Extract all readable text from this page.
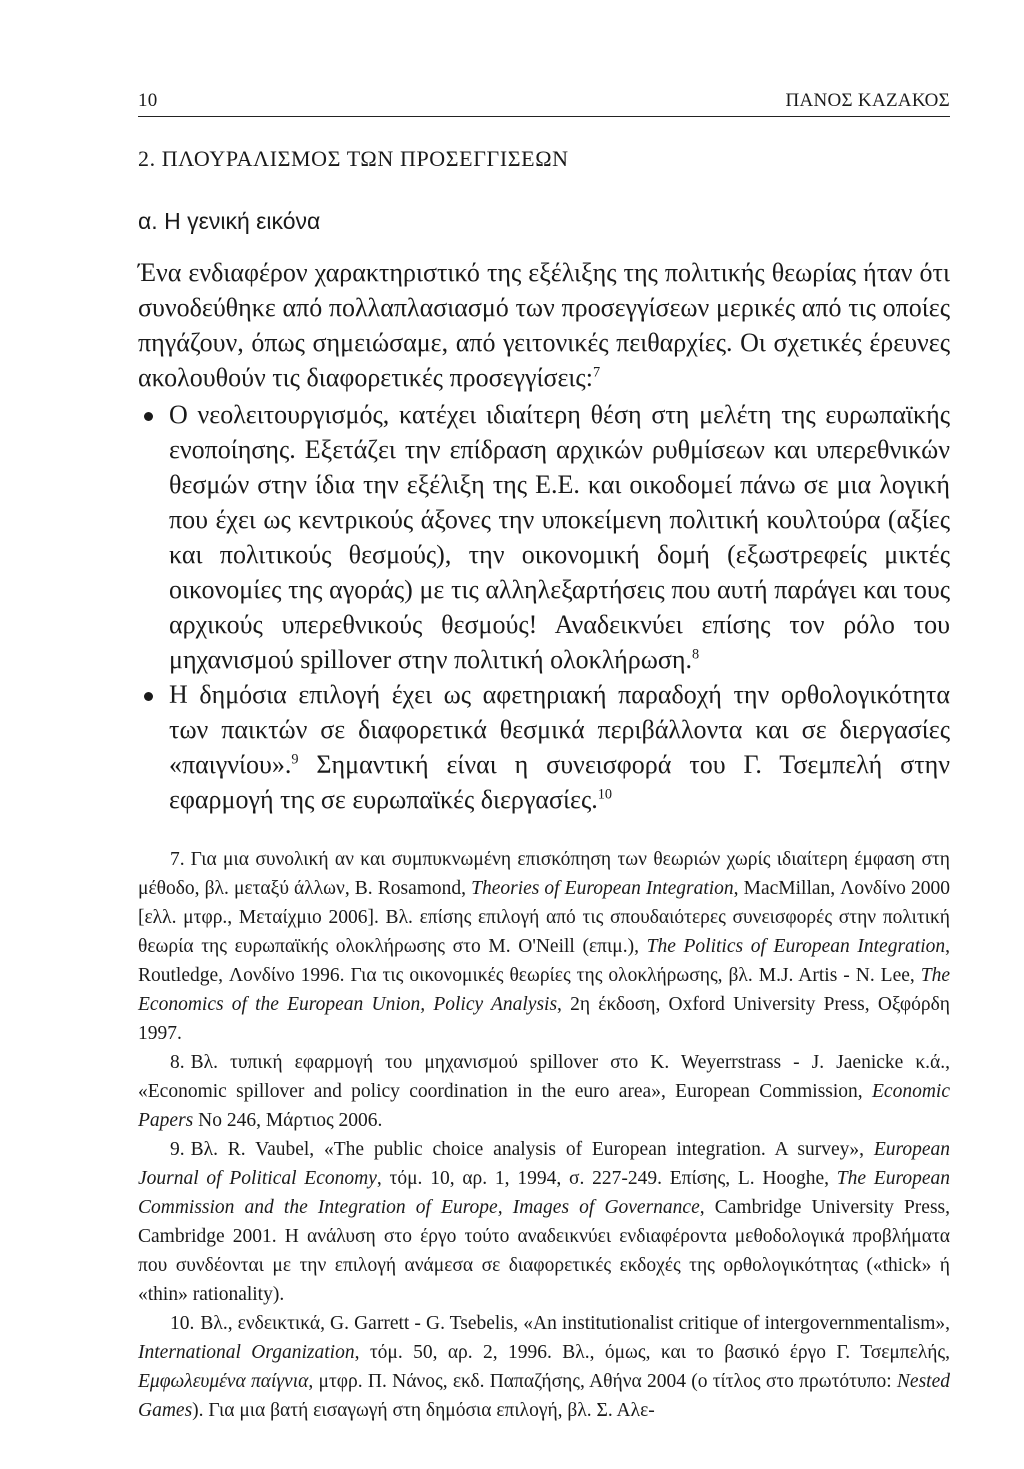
10	ΠΑΝΟΣ ΚΑΖΑΚΟΣ
2. ΠΛΟΥΡΑΛΙΣΜΟΣ ΤΩΝ ΠΡΟΣΕΓΓΙΣΕΩΝ
α. Η γενική εικόνα

Ένα ενδιαφέρον χαρακτηριστικό της εξέλιξης της πολιτικής θεωρίας ήταν ότι συνοδεύθηκε από πολλαπλασιασμό των προσεγγίσεων μερικές από τις οποίες πηγάζουν, όπως σημειώσαμε, από γειτονικές πειθαρχίες. Οι σχετικές έρευνες ακολουθούν τις διαφορετικές προσεγγίσεις:$^7$

Ο νεολειτουργισμός, κατέχει ιδιαίτερη θέση στη μελέτη της ευρωπαϊκής ενοποίησης. Εξετάζει την επίδραση αρχικών ρυθμίσεων και υπερεθνικών θεσμών στην ίδια την εξέλιξη της Ε.Ε. και οικοδομεί πάνω σε μια λογική που έχει ως κεντρικούς άξονες την υποκείμενη πολιτική κουλτούρα (αξίες και πολιτικούς θεσμούς), την οικονομική δομή (εξωστρεφείς μικτές οικονομίες της αγοράς) με τις αλληλεξαρτήσεις που αυτή παράγει και τους αρχικούς υπερεθνικούς θεσμούς! Αναδεικνύει επίσης τον ρόλο του μηχανισμού spillover στην πολιτική ολοκλήρωση.$^8$
Η δημόσια επιλογή έχει ως αφετηριακή παραδοχή την ορθολογικότητα των παικτών σε διαφορετικά θεσμικά περιβάλλοντα και σε διεργασίες «παιγνίου».$^9$ Σημαντική είναι η συνεισφορά του Γ. Τσεμπελή στην εφαρμογή της σε ευρωπαϊκές διεργασίες.$^{10}$

7. Για μια συνολική αν και συμπυκνωμένη επισκόπηση των θεωριών χωρίς ιδιαίτερη έμφαση στη μέθοδο, βλ. μεταξύ άλλων, B. Rosamond, Theories of European Integration, MacMillan, Λονδίνο 2000 [ελλ. μτφρ., Μεταίχμιο 2006]. Βλ. επίσης επιλογή από τις σπουδαιότερες συνεισφορές στην πολιτική θεωρία της ευρωπαϊκής ολοκλήρωσης στο M. O'Neill (επιμ.), The Politics of European Integration, Routledge, Λονδίνο 1996. Για τις οικονομικές θεωρίες της ολοκλήρωσης, βλ. M.J. Artis - N. Lee, The Economics of the European Union, Policy Analysis, 2η έκδοση, Oxford University Press, Οξφόρδη 1997.

8. Βλ. τυπική εφαρμογή του μηχανισμού spillover στο K. Weyerrstrass - J. Jaenicke κ.ά., «Economic spillover and policy coordination in the euro area», European Commission, Economic Papers No 246, Μάρτιος 2006.

9. Βλ. R. Vaubel, «The public choice analysis of European integration. A survey», European Journal of Political Economy, τόμ. 10, αρ. 1, 1994, σ. 227-249. Επίσης, L. Hooghe, The European Commission and the Integration of Europe, Images of Governance, Cambridge University Press, Cambridge 2001. Η ανάλυση στο έργο τούτο αναδεικνύει ενδιαφέροντα μεθοδολογικά προβλήματα που συνδέονται με την επιλογή ανάμεσα σε διαφορετικές εκδοχές της ορθολογικότητας («thick» ή «thin» rationality).

10. Βλ., ενδεικτικά, G. Garrett - G. Tsebelis, «An institutionalist critique of intergovernmentalism», International Organization, τόμ. 50, αρ. 2, 1996. Βλ., όμως, και το βασικό έργο Γ. Τσεμπελής, Εμφωλευμένα παίγνια, μτφρ. Π. Νάνος, εκδ. Παπαζήσης, Αθήνα 2004 (ο τίτλος στο πρωτότυπο: Nested Games). Για μια βατή εισαγωγή στη δημόσια επιλογή, βλ. Σ. Αλε-
